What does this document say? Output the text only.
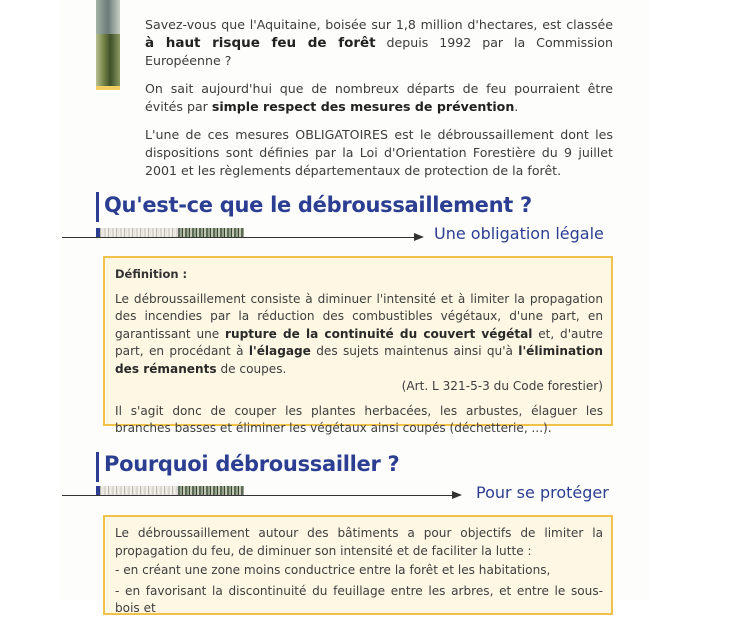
Savez-vous que l'Aquitaine, boisée sur 1,8 million d'hectares, est classée à haut risque feu de forêt depuis 1992 par la Commission Européenne ?

On sait aujourd'hui que de nombreux départs de feu pourraient être évités par simple respect des mesures de prévention.

L'une de ces mesures OBLIGATOIRES est le débroussaillement dont les dispositions sont définies par la Loi d'Orientation Forestière du 9 juillet 2001 et les règlements départementaux de protection de la forêt.

Qu'est-ce que le débroussaillement ?
Une obligation légale
Définition :

Le débroussaillement consiste à diminuer l'intensité et à limiter la propagation des incendies par la réduction des combustibles végétaux, d'une part, en garantissant une rupture de la continuité du couvert végétal et, d'autre part, en procédant à l'élagage des sujets maintenus ainsi qu'à l'élimination des rémanents de coupes.
(Art. L 321-5-3 du Code forestier)

Il s'agit donc de couper les plantes herbacées, les arbustes, élaguer les branches basses et éliminer les végétaux ainsi coupés (déchetterie, ...).

Pourquoi débroussailler ?
Pour se protéger

Le débroussaillement autour des bâtiments a pour objectifs de limiter la propagation du feu, de diminuer son intensité et de faciliter la lutte :

- en créant une zone moins conductrice entre la forêt et les habitations,
- en favorisant la discontinuité du feuillage entre les arbres, et entre le sous-bois et
